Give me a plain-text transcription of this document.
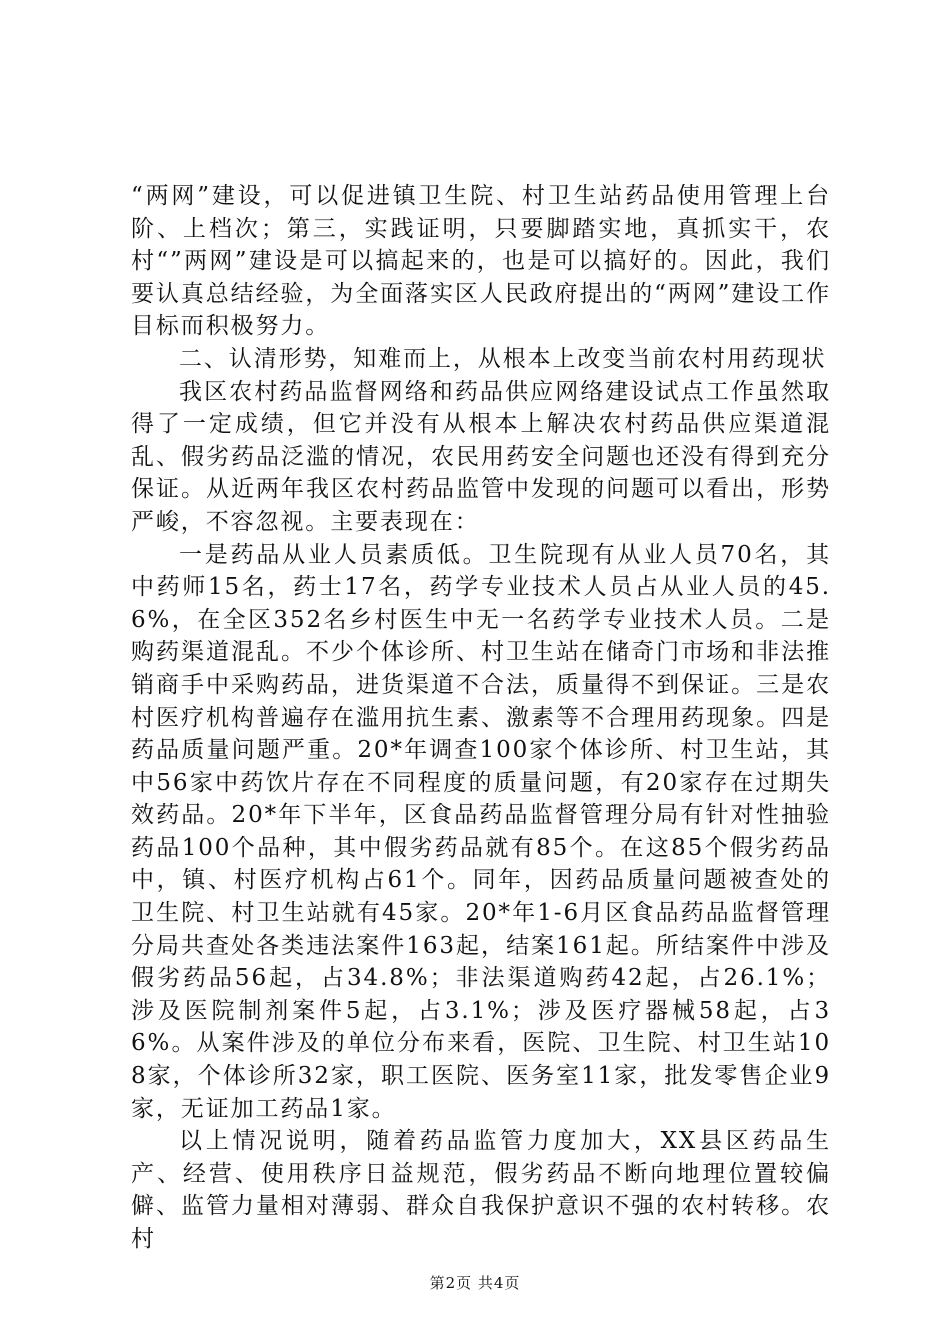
“两网”建设，可以促进镇卫生院、村卫生站药品使用管理上台阶、上档次；第三，实践证明，只要脚踏实地，真抓实干，农村“”两网”建设是可以搞起来的，也是可以搞好的。因此，我们要认真总结经验，为全面落实区人民政府提出的“两网”建设工作目标而积极努力。

二、认清形势，知难而上，从根本上改变当前农村用药现状

我区农村药品监督网络和药品供应网络建设试点工作虽然取得了一定成绩，但它并没有从根本上解决农村药品供应渠道混乱、假劣药品泛滥的情况，农民用药安全问题也还没有得到充分保证。从近两年我区农村药品监管中发现的问题可以看出，形势严峻，不容忽视。主要表现在：

一是药品从业人员素质低。卫生院现有从业人员70名，其中药师15名，药士17名，药学专业技术人员占从业人员的45.6%，在全区352名乡村医生中无一名药学专业技术人员。二是购药渠道混乱。不少个体诊所、村卫生站在储奇门市场和非法推销商手中采购药品，进货渠道不合法，质量得不到保证。三是农村医疗机构普遍存在滥用抗生素、激素等不合理用药现象。四是药品质量问题严重。20*年调查100家个体诊所、村卫生站，其中56家中药饮片存在不同程度的质量问题，有20家存在过期失效药品。20*年下半年，区食品药品监督管理分局有针对性抽验药品100个品种，其中假劣药品就有85个。在这85个假劣药品中，镇、村医疗机构占61个。同年，因药品质量问题被查处的卫生院、村卫生站就有45家。20*年1-6月区食品药品监督管理分局共查处各类违法案件163起，结案161起。所结案件中涉及假劣药品56起，占34.8%；非法渠道购药42起，占26.1%；涉及医院制剂案件5起，占3.1%；涉及医疗器械58起，占36%。从案件涉及的单位分布来看，医院、卫生院、村卫生站108家，个体诊所32家，职工医院、医务室11家，批发零售企业9家，无证加工药品1家。

以上情况说明，随着药品监管力度加大，XX县区药品生产、经营、使用秩序日益规范，假劣药品不断向地理位置较偏僻、监管力量相对薄弱、群众自我保护意识不强的农村转移。农村

第2页 共4页
